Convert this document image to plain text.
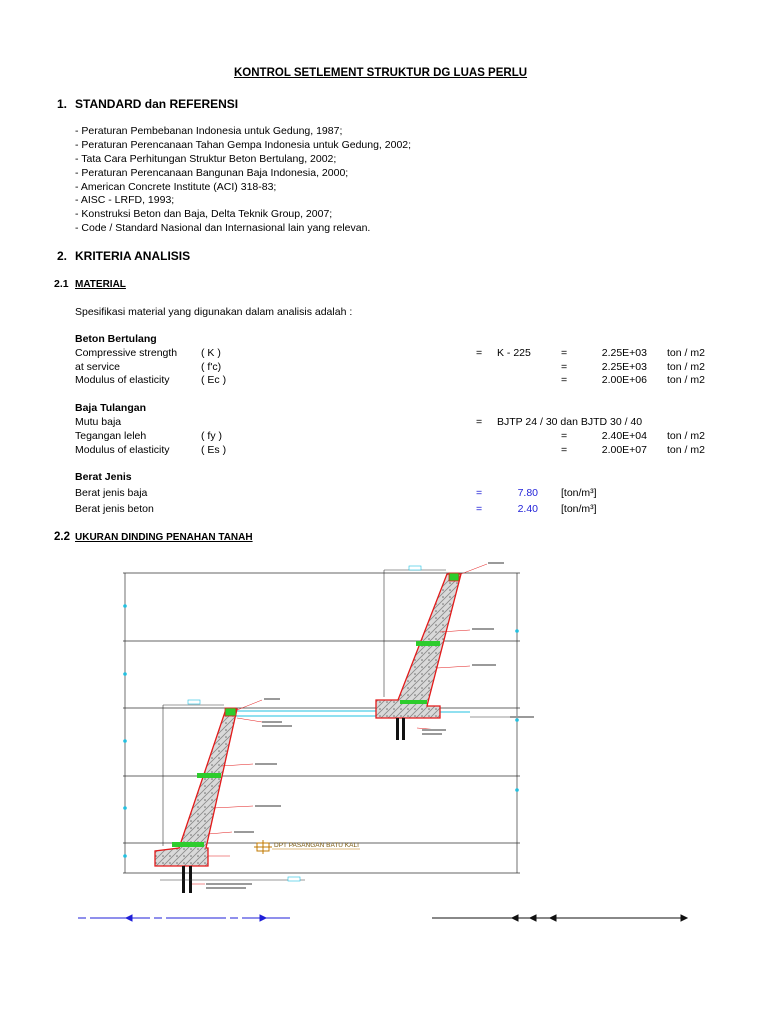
KONTROL SETLEMENT STRUKTUR DG LUAS PERLU
1. STANDARD dan REFERENSI
- Peraturan Pembebanan Indonesia untuk Gedung, 1987;
- Peraturan Perencanaan Tahan Gempa Indonesia untuk Gedung, 2002;
- Tata Cara Perhitungan Struktur Beton Bertulang, 2002;
- Peraturan Perencanaan Bangunan Baja Indonesia, 2000;
- American Concrete Institute (ACI) 318-83;
- AISC - LRFD, 1993;
- Konstruksi Beton dan Baja, Delta Teknik Group, 2007;
- Code / Standard Nasional dan Internasional lain yang relevan.
2. KRITERIA ANALISIS
2.1 MATERIAL
Spesifikasi material yang digunakan dalam analisis adalah :
Beton Bertulang
Compressive strength ( K )	= K - 225	=	2.25E+03 ton / m2
at service	( f'c)	=	2.25E+03 ton / m2
Modulus of elasticity	( Ec )	=	2.00E+06 ton / m2
Baja Tulangan
Mutu baja	= BJTP 24 / 30 dan BJTD 30 / 40
Tegangan leleh	( fy )	=	2.40E+04 ton / m2
Modulus of elasticity	( Es )	=	2.00E+07 ton / m2
Berat Jenis
Berat jenis baja	=	7.80 [ton/m³]
Berat jenis beton	=	2.40 [ton/m³]
2.2 UKURAN DINDING PENAHAN TANAH
DPT PASANGAN BATU KALI
